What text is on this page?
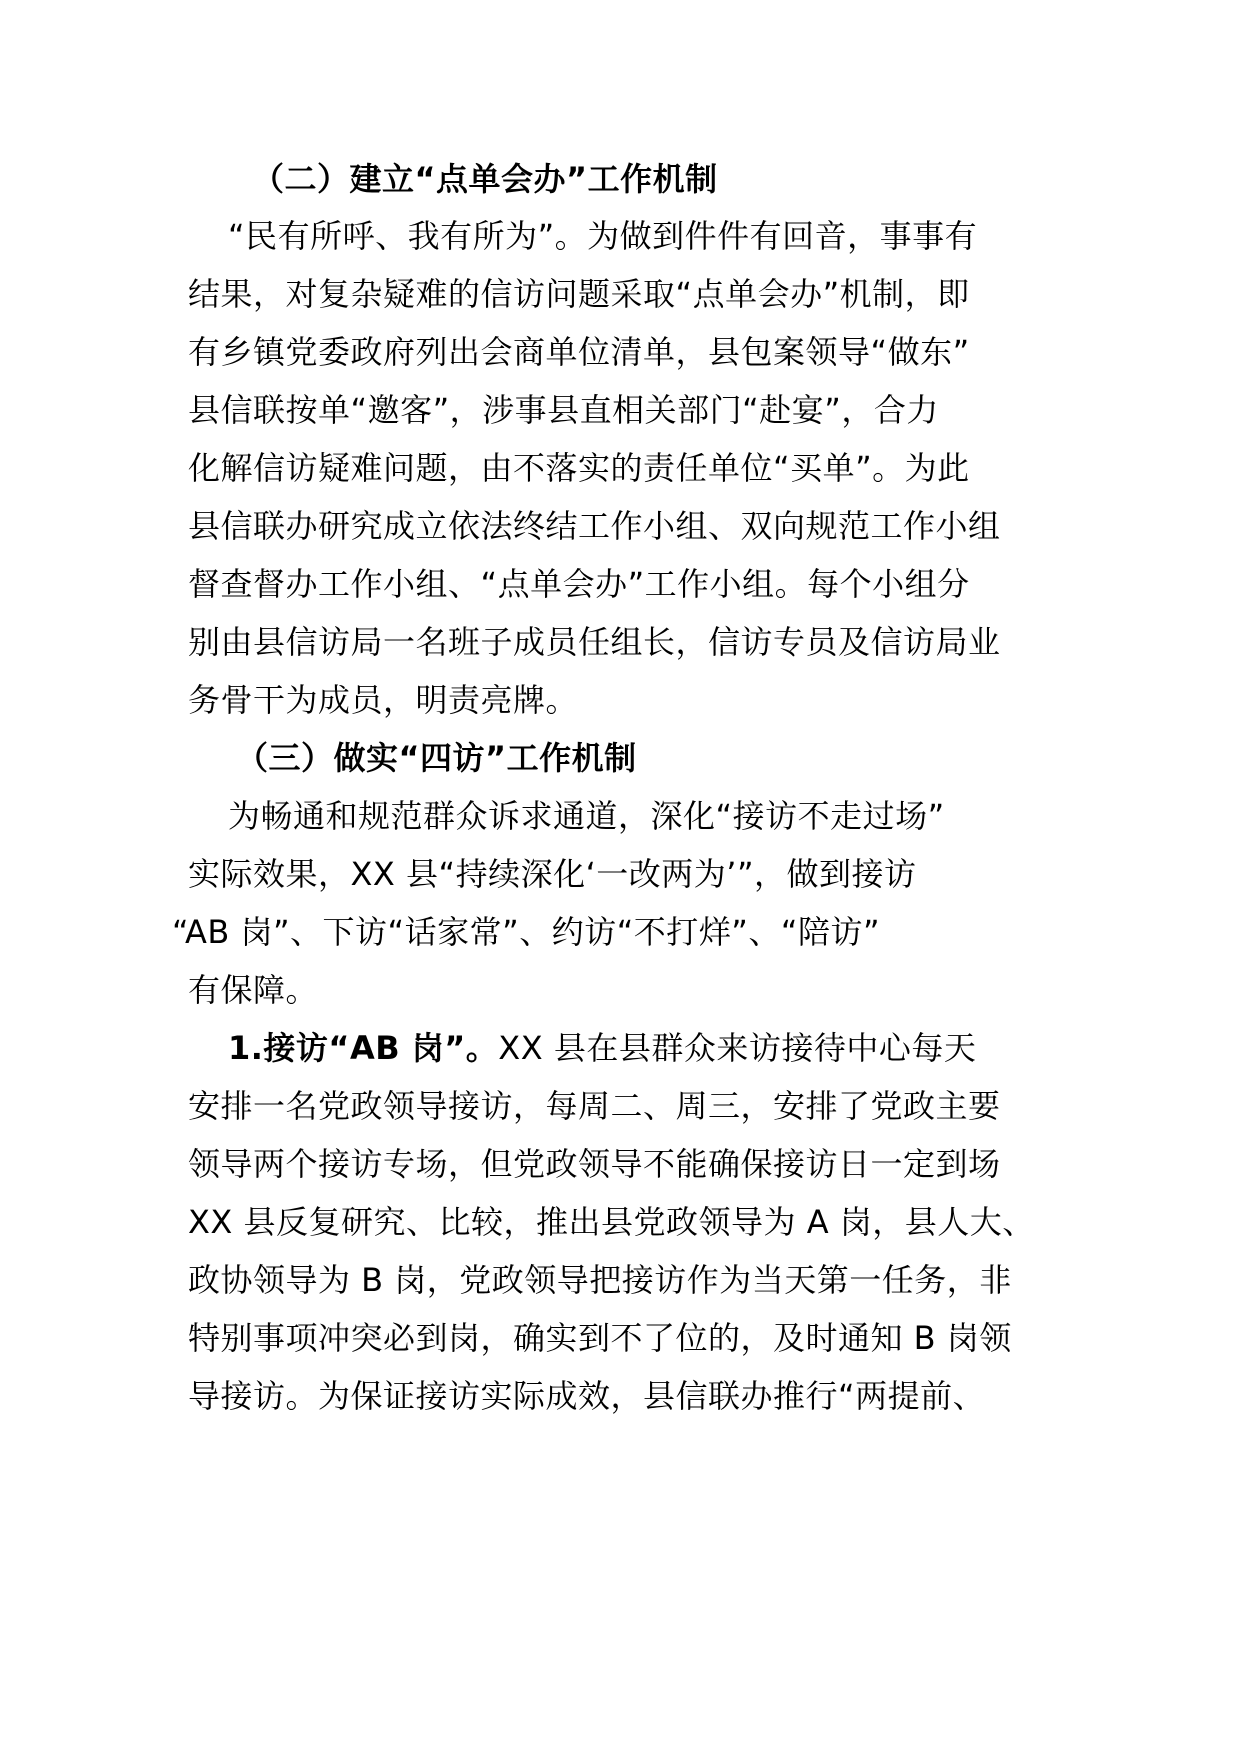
（二）建立“点单会办”工作机制
“民有所呼、我有所为”。为做到件件有回音，事事有
结果，对复杂疑难的信访问题采取“点单会办”机制，即
有乡镇党委政府列出会商单位清单，县包案领导“做东”
县信联按单“邀客”，涉事县直相关部门“赴宴”，合力
化解信访疑难问题，由不落实的责任单位“买单”。为此
县信联办研究成立依法终结工作小组、双向规范工作小组
督查督办工作小组、“点单会办”工作小组。每个小组分
别由县信访局一名班子成员任组长，信访专员及信访局业
务骨干为成员，明责亮牌。
（三）做实“四访”工作机制
为畅通和规范群众诉求通道，深化“接访不走过场”
实际效果，XX 县“持续深化‘一改两为’”，做到接访
“AB 岗”、下访“话家常”、约访“不打烊”、“陪访”
有保障。
1.接访“AB 岗”。XX 县在县群众来访接待中心每天
安排一名党政领导接访，每周二、周三，安排了党政主要
领导两个接访专场，但党政领导不能确保接访日一定到场
XX 县反复研究、比较，推出县党政领导为 A 岗，县人大、
政协领导为 B 岗，党政领导把接访作为当天第一任务，非
特别事项冲突必到岗，确实到不了位的，及时通知 B 岗领
导接访。为保证接访实际成效，县信联办推行“两提前、
